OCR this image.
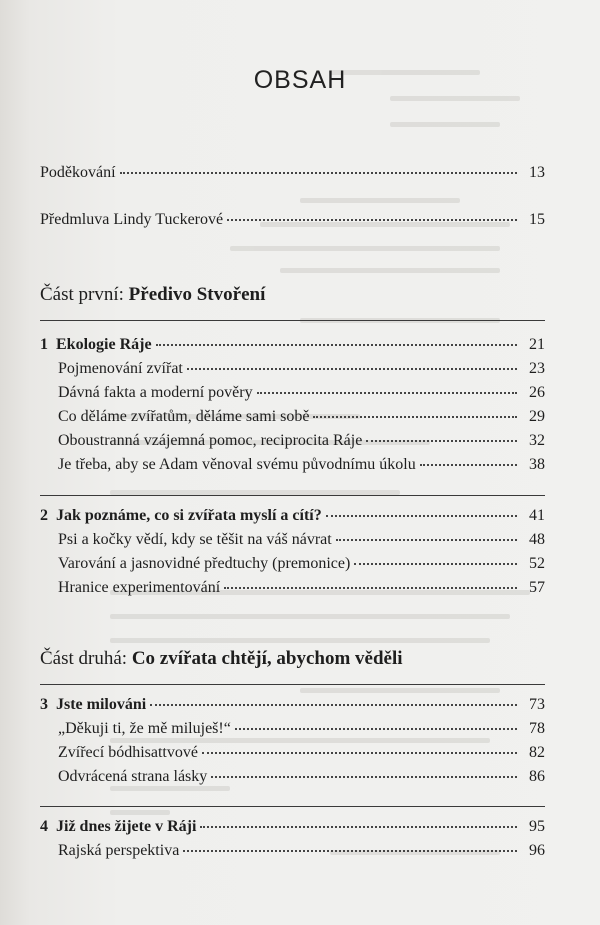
OBSAH
Poděkování	13
Předmluva Lindy Tuckerové	15
Část první: Předivo Stvoření
1 Ekologie Ráje	21
Pojmenování zvířat	23
Dávná fakta a moderní pověry	26
Co děláme zvířatům, děláme sami sobě	29
Oboustranná vzájemná pomoc, reciprocita Ráje	32
Je třeba, aby se Adam věnoval svému původnímu úkolu	38
2 Jak poznáme, co si zvířata myslí a cítí?	41
Psi a kočky vědí, kdy se těšit na váš návrat	48
Varování a jasnovidné předtuchy (premonice)	52
Hranice experimentování	57
Část druhá: Co zvířata chtějí, abychom věděli
3 Jste milováni	73
„Děkuji ti, že mě miluješ!“	78
Zvířecí bódhisattvové	82
Odvrácená strana lásky	86
4 Již dnes žijete v Ráji	95
Rajská perspektiva	96
